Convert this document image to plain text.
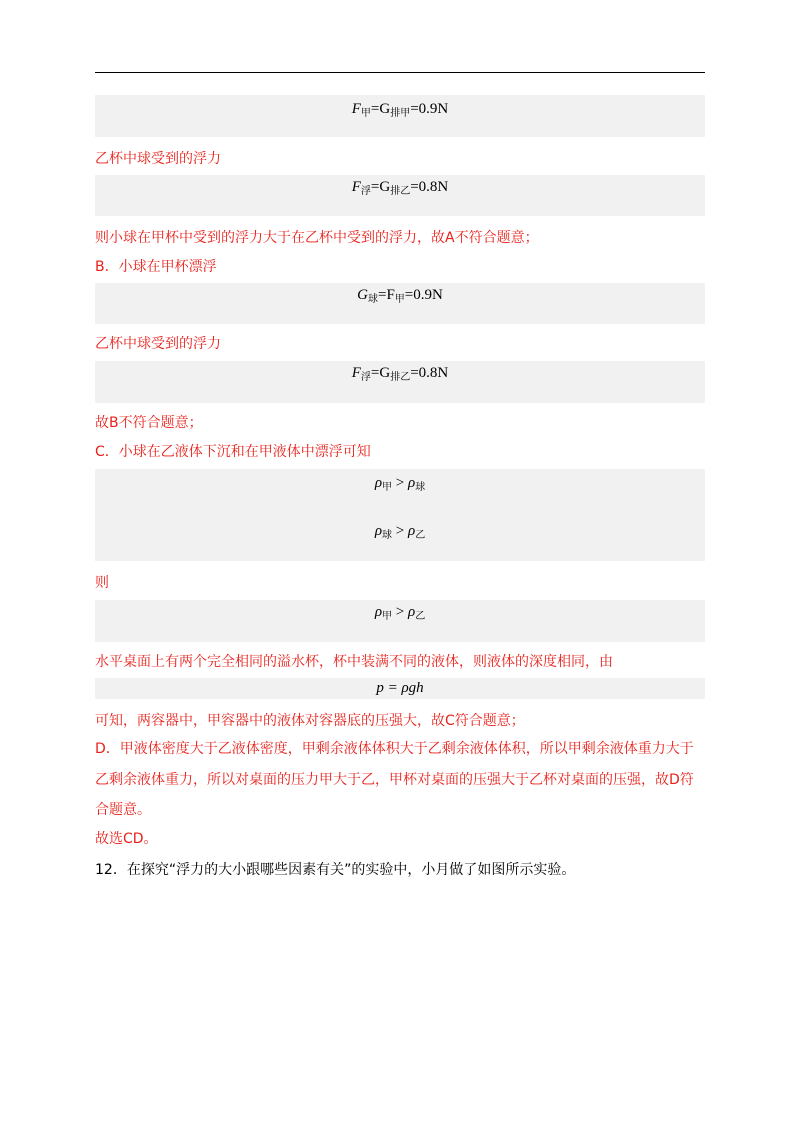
$F_甲=G_{排甲}=0.9N$
乙杯中球受到的浮力
$F_浮=G_{排乙}=0.8N$
则小球在甲杯中受到的浮力大于在乙杯中受到的浮力，故A不符合题意；
B．小球在甲杯漂浮
$G_球=F_甲=0.9N$
乙杯中球受到的浮力
$F_浮=G_{排乙}=0.8N$
故B不符合题意；
C．小球在乙液体下沉和在甲液体中漂浮可知
$\rho_甲 > \rho_球$
$\rho_球 > \rho_乙$
则
$\rho_甲 > \rho_乙$
水平桌面上有两个完全相同的溢水杯，杯中装满不同的液体，则液体的深度相同，由
p = ρgh
可知，两容器中，甲容器中的液体对容器底的压强大，故C符合题意；
D．甲液体密度大于乙液体密度，甲剩余液体体积大于乙剩余液体体积，所以甲剩余液体重力大于
乙剩余液体重力，所以对桌面的压力甲大于乙，甲杯对桌面的压强大于乙杯对桌面的压强，故D符
合题意。
故选CD。
12．在探究“浮力的大小跟哪些因素有关”的实验中，小月做了如图所示实验。
